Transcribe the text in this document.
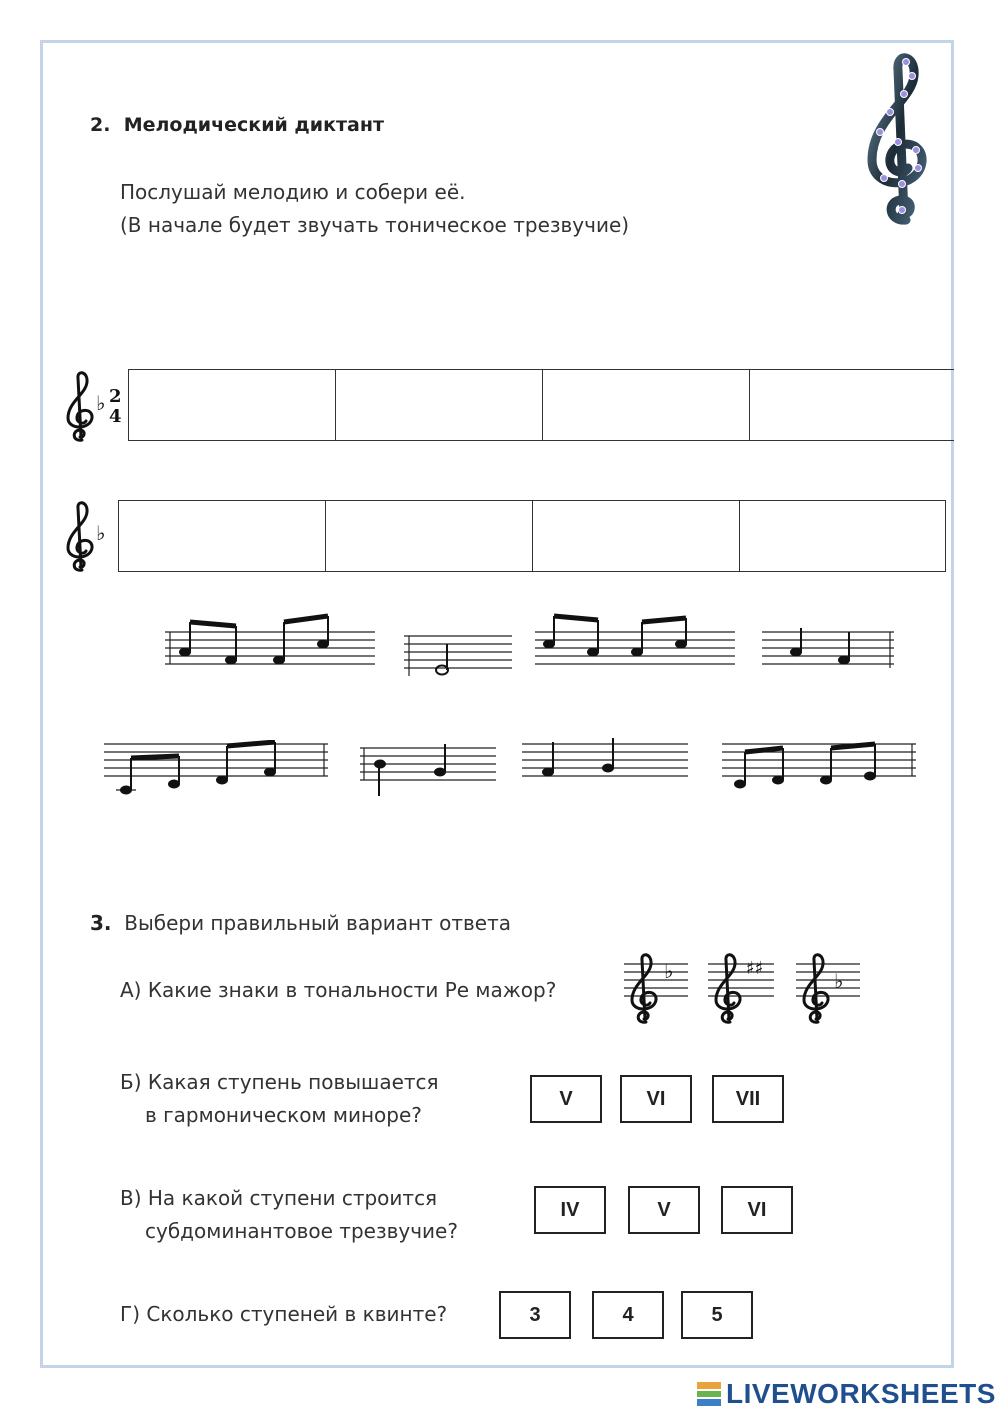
2. Мелодический диктант
Послушай мелодию и собери её.
(В начале будет звучать тоническое трезвучие)
♭ 2
4
♭
3. Выбери правильный вариант ответа
А) Какие знаки в тональности Ре мажор?
♭	♯♯
♭
Б) Какая ступень повышается
в гармоническом миноре?
V	VI	VII
В) На какой ступени строится
субдоминантовое трезвучие?
IV	V	VI
Г) Сколько ступеней в квинте?	3	4	5
LIVEWORKSHEETS
